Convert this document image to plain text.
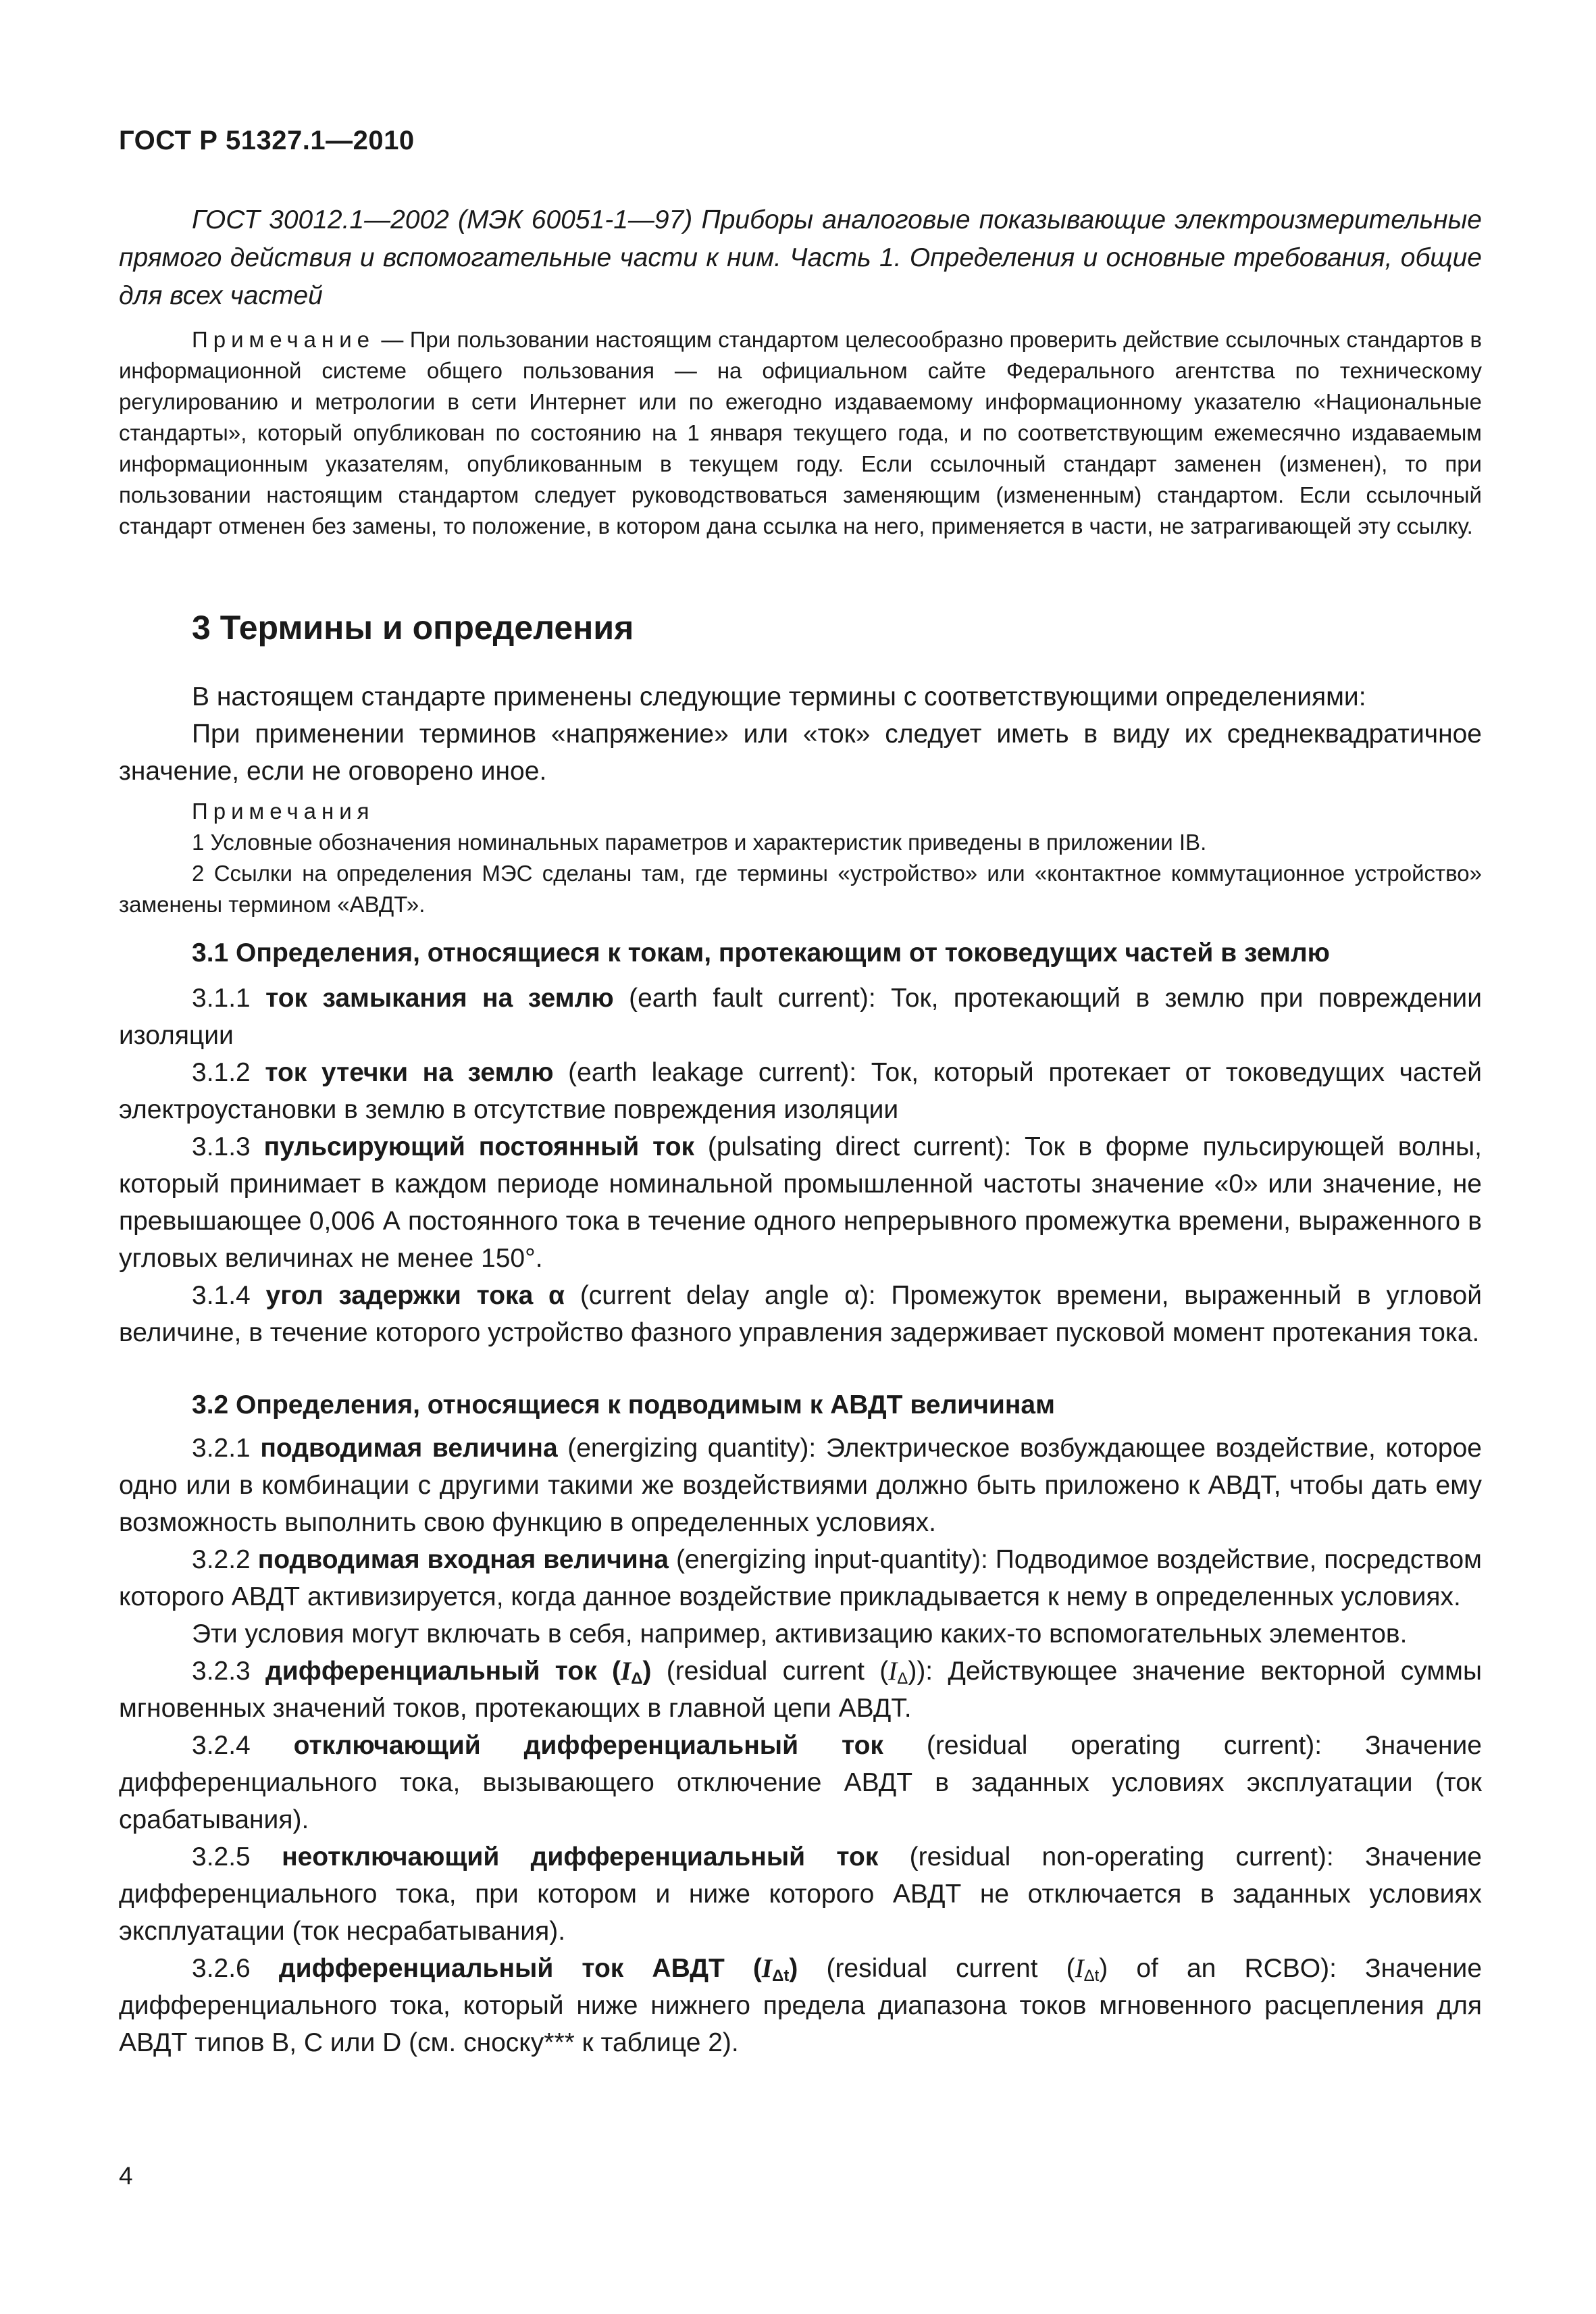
ГОСТ Р 51327.1—2010

ГОСТ 30012.1—2002 (МЭК 60051-1—97) Приборы аналоговые показывающие электроизмерительные прямого действия и вспомогательные части к ним. Часть 1. Определения и основные требования, общие для всех частей

Примечание — При пользовании настоящим стандартом целесообразно проверить действие ссылочных стандартов в информационной системе общего пользования — на официальном сайте Федерального агентства по техническому регулированию и метрологии в сети Интернет или по ежегодно издаваемому информационному указателю «Национальные стандарты», который опубликован по состоянию на 1 января текущего года, и по соответствующим ежемесячно издаваемым информационным указателям, опубликованным в текущем году. Если ссылочный стандарт заменен (изменен), то при пользовании настоящим стандартом следует руководствоваться заменяющим (измененным) стандартом. Если ссылочный стандарт отменен без замены, то положение, в котором дана ссылка на него, применяется в части, не затрагивающей эту ссылку.

3 Термины и определения

В настоящем стандарте применены следующие термины с соответствующими определениями:

При применении терминов «напряжение» или «ток» следует иметь в виду их среднеквадратичное значение, если не оговорено иное.

Примечания

1 Условные обозначения номинальных параметров и характеристик приведены в приложении IB.

2 Ссылки на определения МЭС сделаны там, где термины «устройство» или «контактное коммутационное устройство» заменены термином «АВДТ».

3.1 Определения, относящиеся к токам, протекающим от токоведущих частей в землю

3.1.1 ток замыкания на землю (earth fault current): Ток, протекающий в землю при повреждении изоляции

3.1.2 ток утечки на землю (earth leakage current): Ток, который протекает от токоведущих частей электроустановки в землю в отсутствие повреждения изоляции

3.1.3 пульсирующий постоянный ток (pulsating direct current): Ток в форме пульсирующей волны, который принимает в каждом периоде номинальной промышленной частоты значение «0» или значение, не превышающее 0,006 А постоянного тока в течение одного непрерывного промежутка времени, выраженного в угловых величинах не менее 150°.

3.1.4 угол задержки тока α (current delay angle α): Промежуток времени, выраженный в угловой величине, в течение которого устройство фазного управления задерживает пусковой момент протекания тока.

3.2 Определения, относящиеся к подводимым к АВДТ величинам

3.2.1 подводимая величина (energizing quantity): Электрическое возбуждающее воздействие, которое одно или в комбинации с другими такими же воздействиями должно быть приложено к АВДТ, чтобы дать ему возможность выполнить свою функцию в определенных условиях.

3.2.2 подводимая входная величина (energizing input-quantity): Подводимое воздействие, посредством которого АВДТ активизируется, когда данное воздействие прикладывается к нему в определенных условиях.

Эти условия могут включать в себя, например, активизацию каких-то вспомогательных элементов.

3.2.3 дифференциальный ток $(I_\Delta)$ (residual current $(I_\Delta)$): Действующее значение векторной суммы мгновенных значений токов, протекающих в главной цепи АВДТ.

3.2.4 отключающий дифференциальный ток (residual operating current): Значение дифференциального тока, вызывающего отключение АВДТ в заданных условиях эксплуатации (ток срабатывания).

3.2.5 неотключающий дифференциальный ток (residual non-operating current): Значение дифференциального тока, при котором и ниже которого АВДТ не отключается в заданных условиях эксплуатации (ток несрабатывания).

3.2.6 дифференциальный ток АВДТ $(I_{\Delta t})$ (residual current $(I_{\Delta t})$ of an RCBO): Значение дифференциального тока, который ниже нижнего предела диапазона токов мгновенного расцепления для АВДТ типов B, C или D (см. сноску*** к таблице 2).

4
